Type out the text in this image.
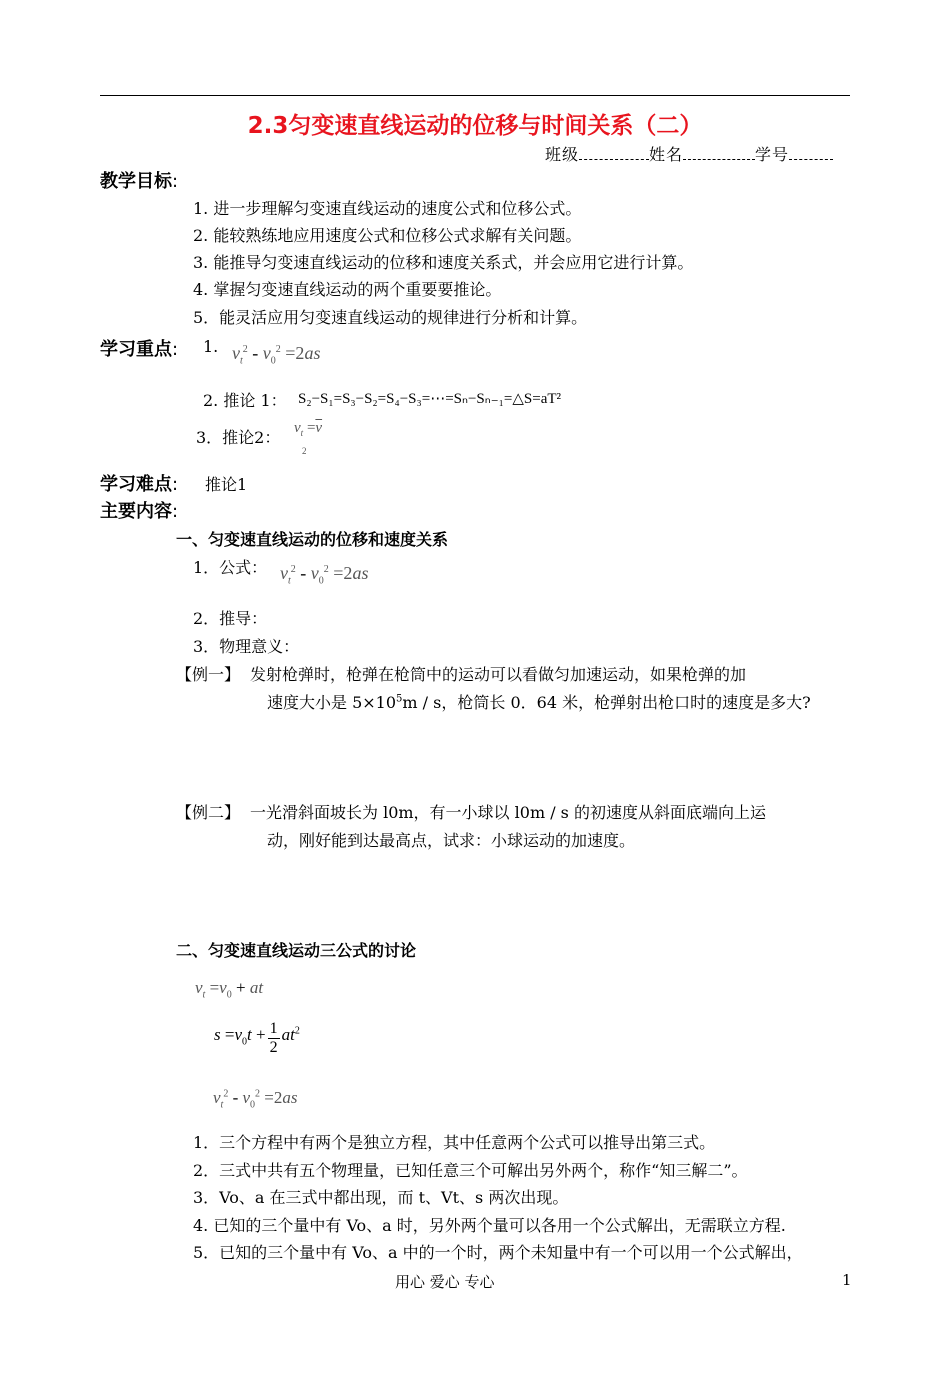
2.3匀变速直线运动的位移与时间关系（二）
班级	姓名	学号
教学目标:
1. 进一步理解匀变速直线运动的速度公式和位移公式。
2. 能较熟练地应用速度公式和位移公式求解有关问题。
3. 能推导匀变速直线运动的位移和速度关系式，并会应用它进行计算。
4. 掌握匀变速直线运动的两个重要要推论。
5．能灵活应用匀变速直线运动的规律进行分析和计算。
学习重点: 1. $v_t^2 - v_0^2 =2as$
2. 推论 1： S₂−S₁=S₃−S₂=S₄−S₃=⋯=Sₙ−Sₙ₋₁=△S=aT²
3．推论2： $v_t =\overline{v}$
2
学习难点: 推论1
主要内容:
一、匀变速直线运动的位移和速度关系
1．公式： $v_t^2 - v_0^2 =2as$
2．推导：
3．物理意义：
【例一】 发射枪弹时，枪弹在枪筒中的运动可以看做匀加速运动，如果枪弹的加
速度大小是 $5\times 10^5m / s$，枪筒长 0．64 米，枪弹射出枪口时的速度是多大?
【例二】 一光滑斜面坡长为 l0m，有一小球以 l0m / s 的初速度从斜面底端向上运
动，刚好能到达最高点，试求：小球运动的加速度。
二、匀变速直线运动三公式的讨论
$v_t =v_0$ + at
$s =v_0t + \frac{1}{2} at^2$
$v_t^2 - v_0^2 =2as$
1．三个方程中有两个是独立方程，其中任意两个公式可以推导出第三式。
2．三式中共有五个物理量，已知任意三个可解出另外两个，称作“知三解二”。
3．Vo、a 在三式中都出现，而 t、Vt、s 两次出现。
4. 已知的三个量中有 Vo、a 时，另外两个量可以各用一个公式解出，无需联立方程.
5．已知的三个量中有 Vo、a 中的一个时，两个未知量中有一个可以用一个公式解出，
用心 爱心 专心	1
